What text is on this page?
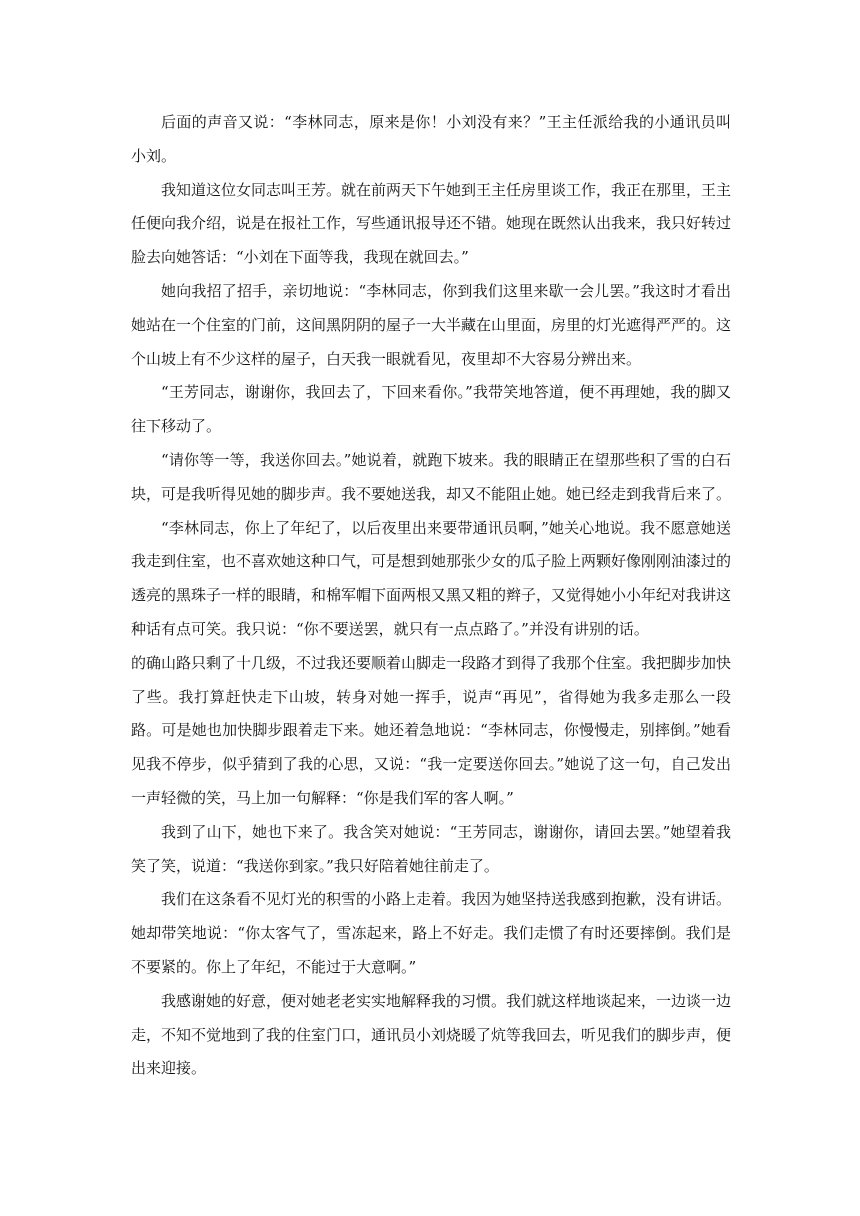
后面的声音又说：“李林同志，原来是你！小刘没有来？”王主任派给我的小通讯员叫小刘。

我知道这位女同志叫王芳。就在前两天下午她到王主任房里谈工作，我正在那里，王主任便向我介绍，说是在报社工作，写些通讯报导还不错。她现在既然认出我来，我只好转过脸去向她答话：“小刘在下面等我，我现在就回去。”

她向我招了招手，亲切地说：“李林同志，你到我们这里来歇一会儿罢。”我这时才看出她站在一个住室的门前，这间黑阴阴的屋子一大半藏在山里面，房里的灯光遮得严严的。这个山坡上有不少这样的屋子，白天我一眼就看见，夜里却不大容易分辨出来。

“王芳同志，谢谢你，我回去了，下回来看你。”我带笑地答道，便不再理她，我的脚又往下移动了。

“请你等一等，我送你回去。”她说着，就跑下坡来。我的眼睛正在望那些积了雪的白石块，可是我听得见她的脚步声。我不要她送我，却又不能阻止她。她已经走到我背后来了。

“李林同志，你上了年纪了，以后夜里出来要带通讯员啊，”她关心地说。我不愿意她送我走到住室，也不喜欢她这种口气，可是想到她那张少女的瓜子脸上两颗好像刚刚油漆过的透亮的黑珠子一样的眼睛，和棉军帽下面两根又黑又粗的辫子，又觉得她小小年纪对我讲这种话有点可笑。我只说：“你不要送罢，就只有一点点路了。”并没有讲别的话。

的确山路只剩了十几级，不过我还要顺着山脚走一段路才到得了我那个住室。我把脚步加快了些。我打算赶快走下山坡，转身对她一挥手，说声“再见”，省得她为我多走那么一段路。可是她也加快脚步跟着走下来。她还着急地说：“李林同志，你慢慢走，别摔倒。”她看见我不停步，似乎猜到了我的心思，又说：“我一定要送你回去。”她说了这一句，自己发出一声轻微的笑，马上加一句解释：“你是我们军的客人啊。”

我到了山下，她也下来了。我含笑对她说：“王芳同志，谢谢你，请回去罢。”她望着我笑了笑，说道：“我送你到家。”我只好陪着她往前走了。

我们在这条看不见灯光的积雪的小路上走着。我因为她坚持送我感到抱歉，没有讲话。她却带笑地说：“你太客气了，雪冻起来，路上不好走。我们走惯了有时还要摔倒。我们是不要紧的。你上了年纪，不能过于大意啊。”

我感谢她的好意，便对她老老实实地解释我的习惯。我们就这样地谈起来，一边谈一边走，不知不觉地到了我的住室门口，通讯员小刘烧暖了炕等我回去，听见我们的脚步声，便出来迎接。
